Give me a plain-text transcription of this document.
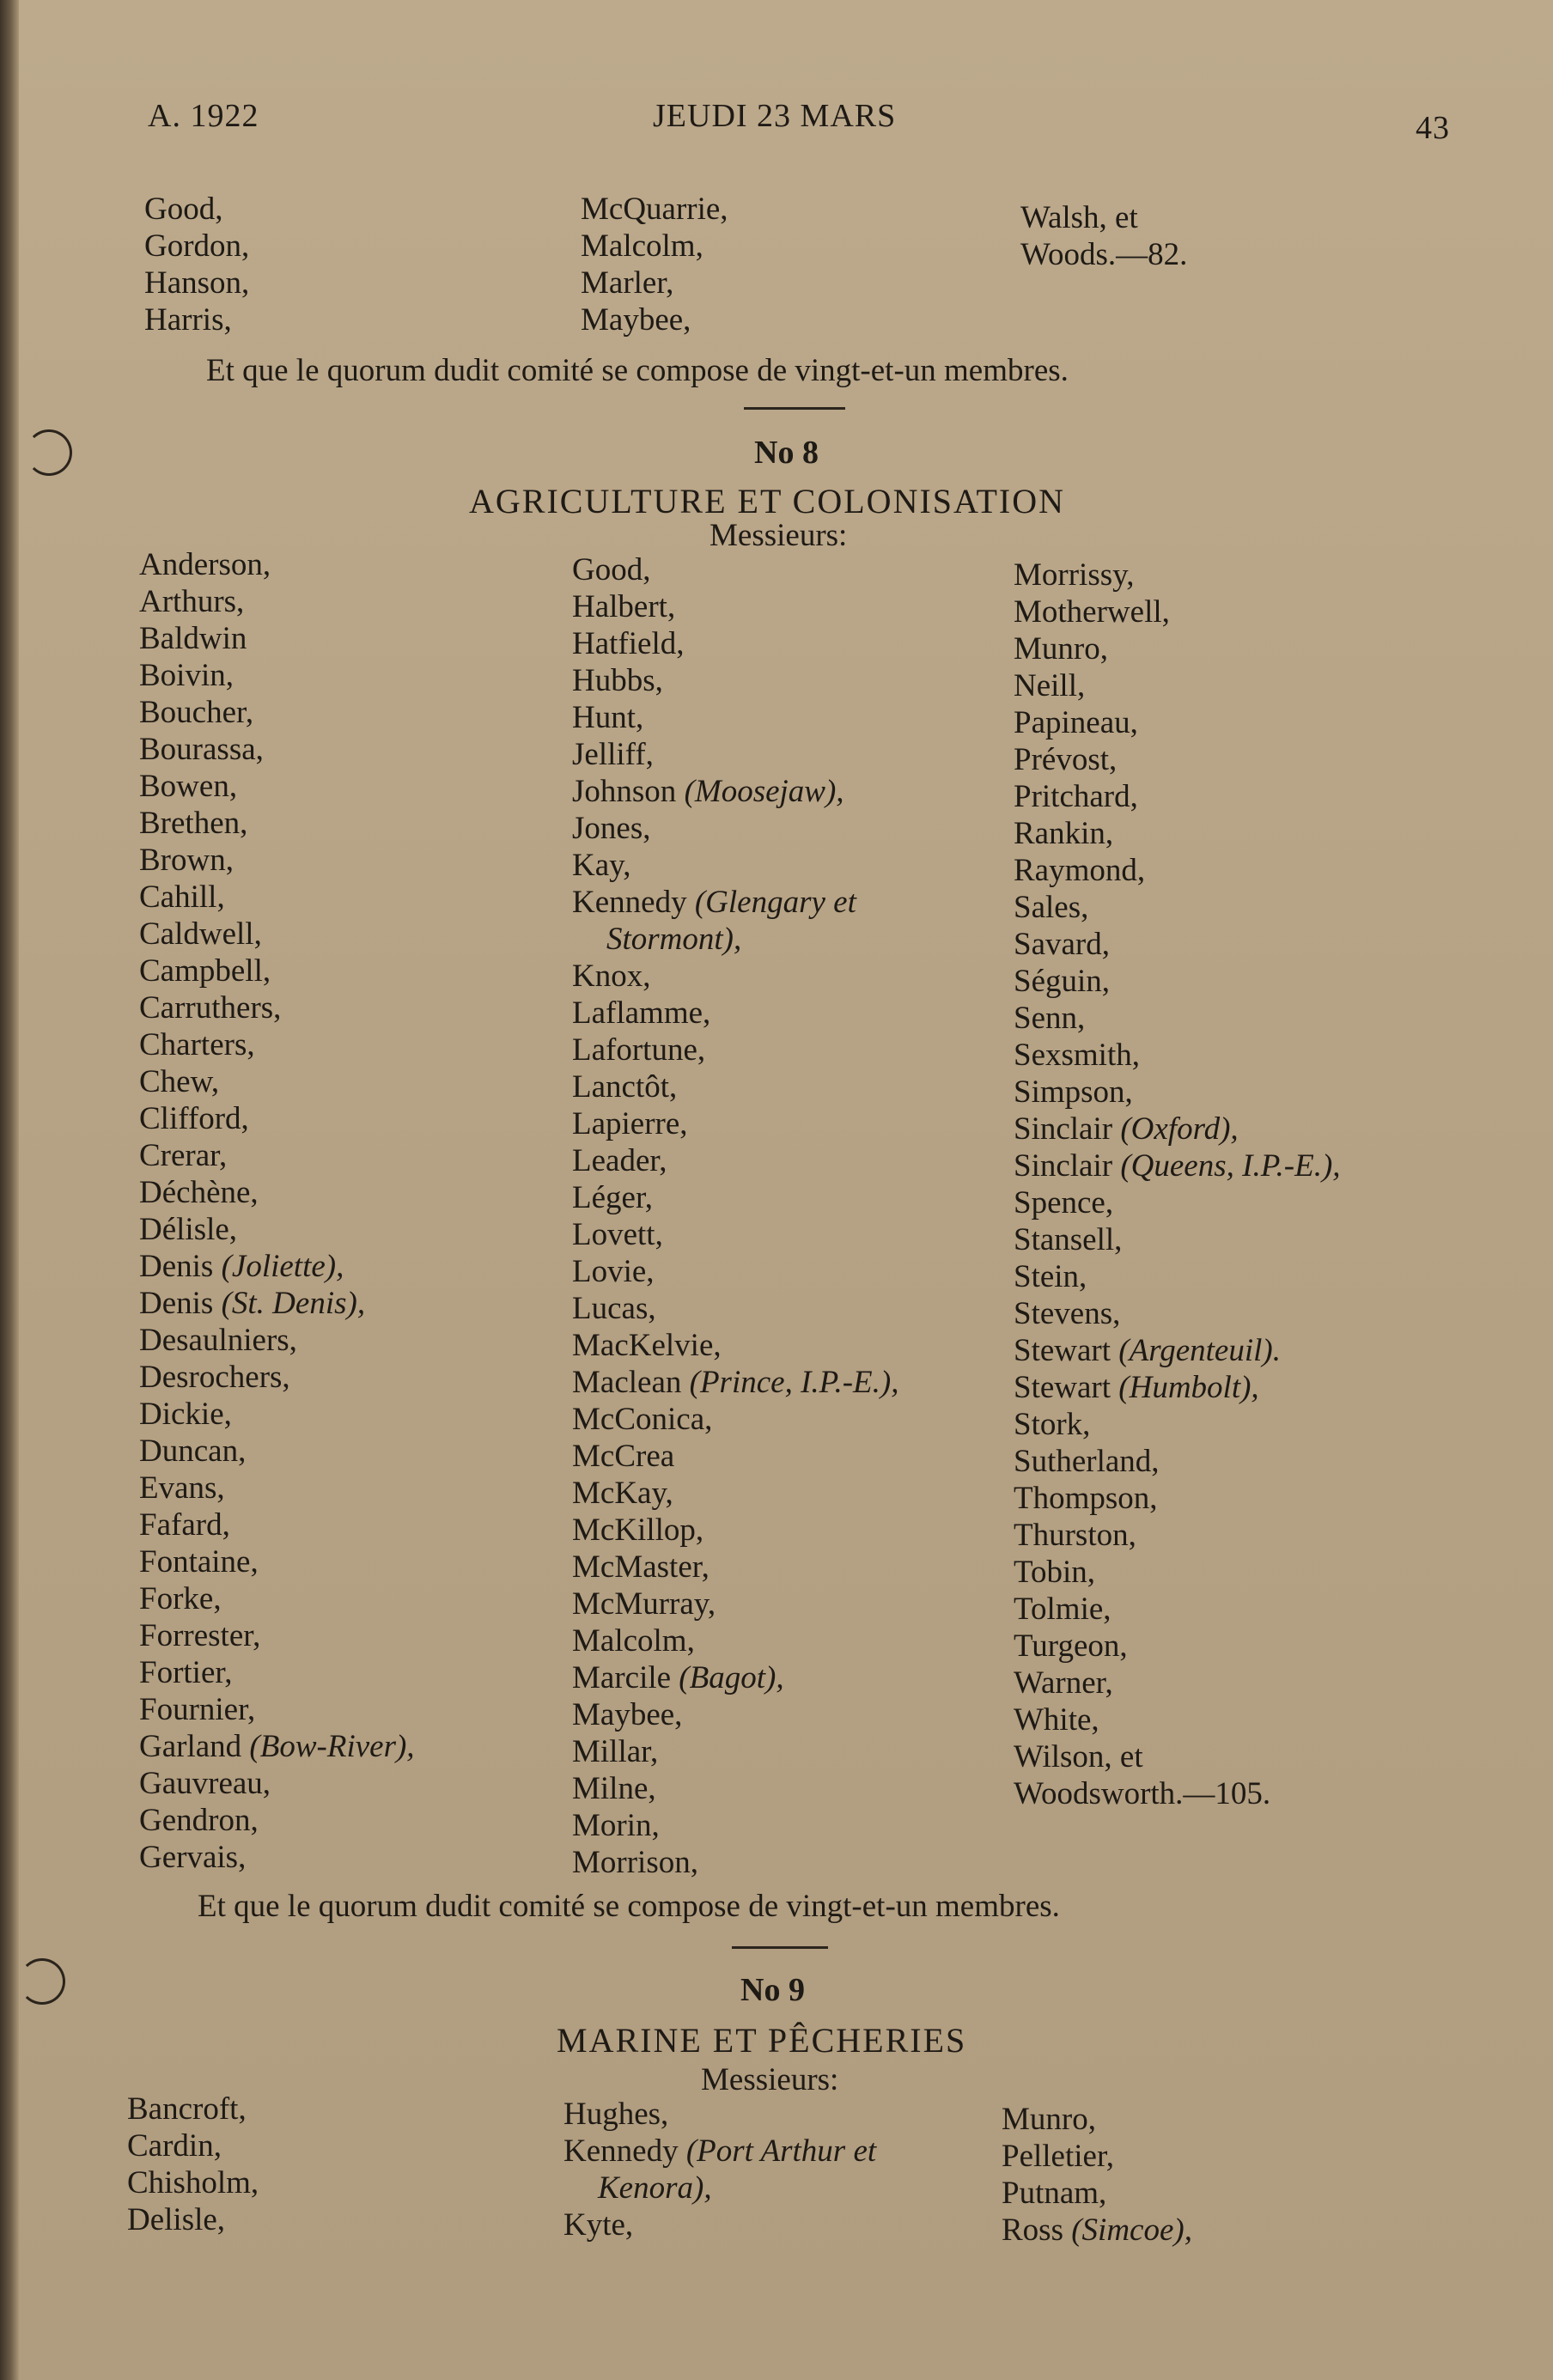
A. 1922	JEUDI 23 MARS	43
Good,
Gordon,
Hanson,
Harris,
McQuarrie,
Malcolm,
Marler,
Maybee,
Walsh, et
Woods.—82.
Et que le quorum dudit comité se compose de vingt-et-un membres.
No 8
AGRICULTURE ET COLONISATION
Messieurs:
Anderson,
Arthurs,
Baldwin
Boivin,
Boucher,
Bourassa,
Bowen,
Brethen,
Brown,
Cahill,
Caldwell,
Campbell,
Carruthers,
Charters,
Chew,
Clifford,
Crerar,
Déchène,
Délisle,
Denis (Joliette),
Denis (St. Denis),
Desaulniers,
Desrochers,
Dickie,
Duncan,
Evans,
Fafard,
Fontaine,
Forke,
Forrester,
Fortier,
Fournier,
Garland (Bow-River),
Gauvreau,
Gendron,
Gervais,
Good,
Halbert,
Hatfield,
Hubbs,
Hunt,
Jelliff,
Johnson (Moosejaw),
Jones,
Kay,
Kennedy (Glengary et
Stormont),
Knox,
Laflamme,
Lafortune,
Lanctôt,
Lapierre,
Leader,
Léger,
Lovett,
Lovie,
Lucas,
MacKelvie,
Maclean (Prince, I.P.-E.),
McConica,
McCrea
McKay,
McKillop,
McMaster,
McMurray,
Malcolm,
Marcile (Bagot),
Maybee,
Millar,
Milne,
Morin,
Morrison,
Morrissy,
Motherwell,
Munro,
Neill,
Papineau,
Prévost,
Pritchard,
Rankin,
Raymond,
Sales,
Savard,
Séguin,
Senn,
Sexsmith,
Simpson,
Sinclair (Oxford),
Sinclair (Queens, I.P.-E.),
Spence,
Stansell,
Stein,
Stevens,
Stewart (Argenteuil).
Stewart (Humbolt),
Stork,
Sutherland,
Thompson,
Thurston,
Tobin,
Tolmie,
Turgeon,
Warner,
White,
Wilson, et
Woodsworth.—105.
Et que le quorum dudit comité se compose de vingt-et-un membres.
No 9
MARINE ET PÊCHERIES
Messieurs:
Bancroft,
Cardin,
Chisholm,
Delisle,
Hughes,
Kennedy (Port Arthur et
Kenora),
Kyte,
Munro,
Pelletier,
Putnam,
Ross (Simcoe),
